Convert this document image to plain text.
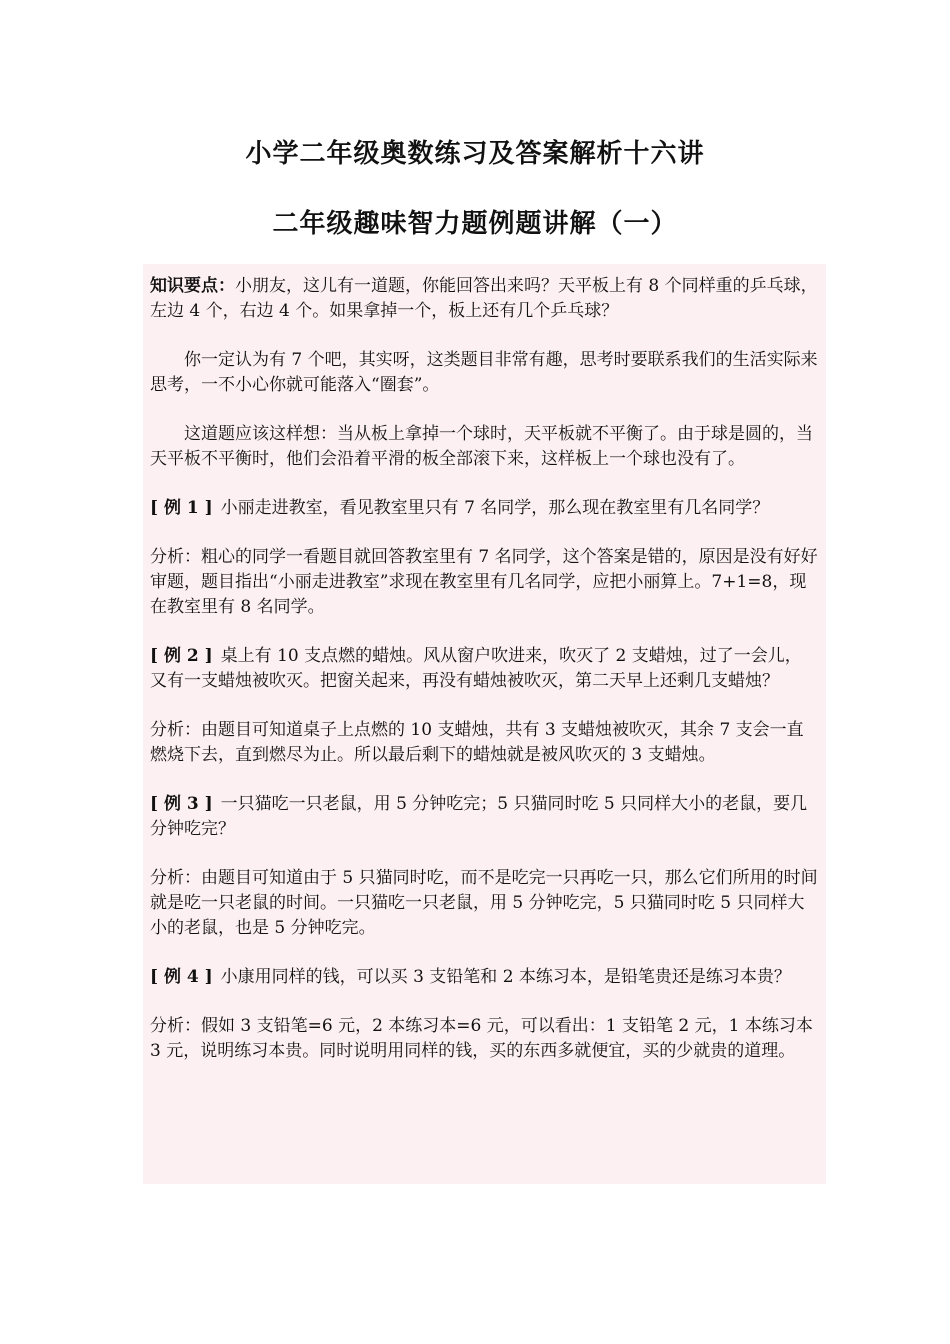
小学二年级奥数练习及答案解析十六讲
二年级趣味智力题例题讲解（一）

知识要点：小朋友，这儿有一道题，你能回答出来吗？天平板上有 8 个同样重的乒乓球，左边 4 个，右边 4 个。如果拿掉一个，板上还有几个乒乓球？

你一定认为有 7 个吧，其实呀，这类题目非常有趣，思考时要联系我们的生活实际来思考，一不小心你就可能落入“圈套”。

这道题应该这样想：当从板上拿掉一个球时，天平板就不平衡了。由于球是圆的，当天平板不平衡时，他们会沿着平滑的板全部滚下来，这样板上一个球也没有了。

[ 例 1 ] 小丽走进教室，看见教室里只有 7 名同学，那么现在教室里有几名同学？

分析：粗心的同学一看题目就回答教室里有 7 名同学，这个答案是错的，原因是没有好好审题，题目指出“小丽走进教室”求现在教室里有几名同学，应把小丽算上。7+1=8，现在教室里有 8 名同学。

[ 例 2 ] 桌上有 10 支点燃的蜡烛。风从窗户吹进来，吹灭了 2 支蜡烛，过了一会儿，又有一支蜡烛被吹灭。把窗关起来，再没有蜡烛被吹灭，第二天早上还剩几支蜡烛？

分析：由题目可知道桌子上点燃的 10 支蜡烛，共有 3 支蜡烛被吹灭，其余 7 支会一直燃烧下去，直到燃尽为止。所以最后剩下的蜡烛就是被风吹灭的 3 支蜡烛。

[ 例 3 ] 一只猫吃一只老鼠，用 5 分钟吃完；5 只猫同时吃 5 只同样大小的老鼠，要几分钟吃完？

分析：由题目可知道由于 5 只猫同时吃，而不是吃完一只再吃一只，那么它们所用的时间就是吃一只老鼠的时间。一只猫吃一只老鼠，用 5 分钟吃完，5 只猫同时吃 5 只同样大小的老鼠，也是 5 分钟吃完。

[ 例 4 ] 小康用同样的钱，可以买 3 支铅笔和 2 本练习本，是铅笔贵还是练习本贵？

分析：假如 3 支铅笔=6 元，2 本练习本=6 元，可以看出：1 支铅笔 2 元，1 本练习本 3 元，说明练习本贵。同时说明用同样的钱，买的东西多就便宜，买的少就贵的道理。
